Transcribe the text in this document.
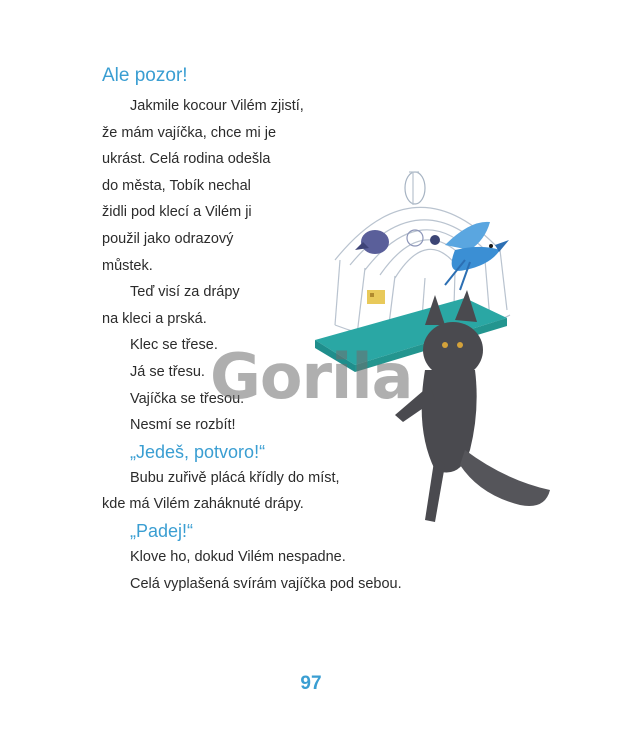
Ale pozor!
Jakmile kocour Vilém zjistí,
že mám vajíčka, chce mi je
ukrást. Celá rodina odešla
do města, Tobík nechal
židli pod klecí a Vilém ji
použil jako odrazový
můstek.
Teď visí za drápy
na kleci a prská.
Klec se třese.
Já se třesu.
Vajíčka se třesou.
Nesmí se rozbít!
„Jedeš, potvoro!“
Bubu zuřivě plácá křídly do míst,
kde má Vilém zaháknuté drápy.
„Padej!“
Klove ho, dokud Vilém nespadne.
Celá vyplašená svírám vajíčka pod sebou.
Gorila
97
